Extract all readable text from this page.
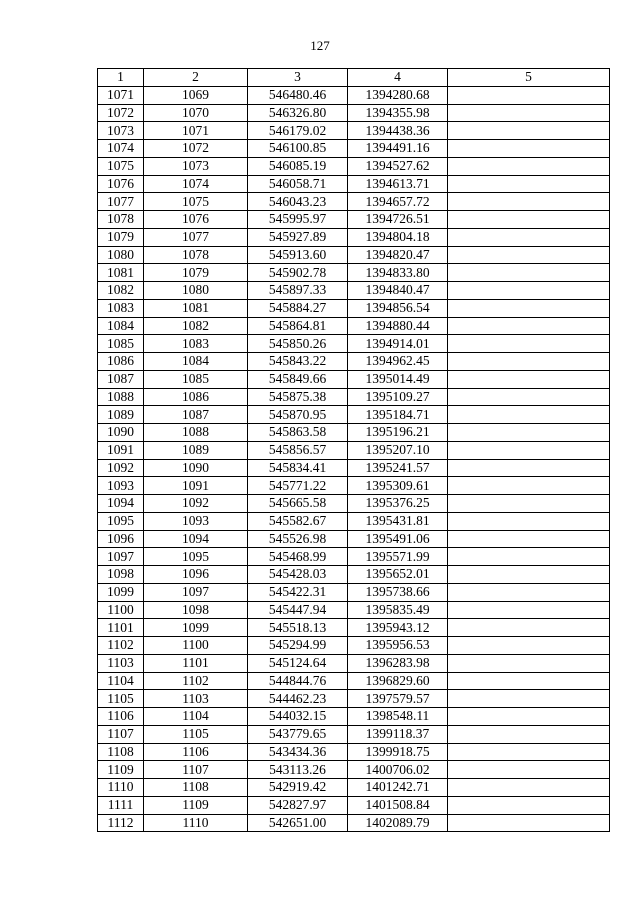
127
1	2	3	4	5
1071	1069	546480.46	1394280.68	
1072	1070	546326.80	1394355.98	
1073	1071	546179.02	1394438.36	
1074	1072	546100.85	1394491.16	
1075	1073	546085.19	1394527.62	
1076	1074	546058.71	1394613.71	
1077	1075	546043.23	1394657.72	
1078	1076	545995.97	1394726.51	
1079	1077	545927.89	1394804.18	
1080	1078	545913.60	1394820.47	
1081	1079	545902.78	1394833.80	
1082	1080	545897.33	1394840.47	
1083	1081	545884.27	1394856.54	
1084	1082	545864.81	1394880.44	
1085	1083	545850.26	1394914.01	
1086	1084	545843.22	1394962.45	
1087	1085	545849.66	1395014.49	
1088	1086	545875.38	1395109.27	
1089	1087	545870.95	1395184.71	
1090	1088	545863.58	1395196.21	
1091	1089	545856.57	1395207.10	
1092	1090	545834.41	1395241.57	
1093	1091	545771.22	1395309.61	
1094	1092	545665.58	1395376.25	
1095	1093	545582.67	1395431.81	
1096	1094	545526.98	1395491.06	
1097	1095	545468.99	1395571.99	
1098	1096	545428.03	1395652.01	
1099	1097	545422.31	1395738.66	
1100	1098	545447.94	1395835.49	
1101	1099	545518.13	1395943.12	
1102	1100	545294.99	1395956.53	
1103	1101	545124.64	1396283.98	
1104	1102	544844.76	1396829.60	
1105	1103	544462.23	1397579.57	
1106	1104	544032.15	1398548.11	
1107	1105	543779.65	1399118.37	
1108	1106	543434.36	1399918.75	
1109	1107	543113.26	1400706.02	
1110	1108	542919.42	1401242.71	
1111	1109	542827.97	1401508.84	
1112	1110	542651.00	1402089.79	
